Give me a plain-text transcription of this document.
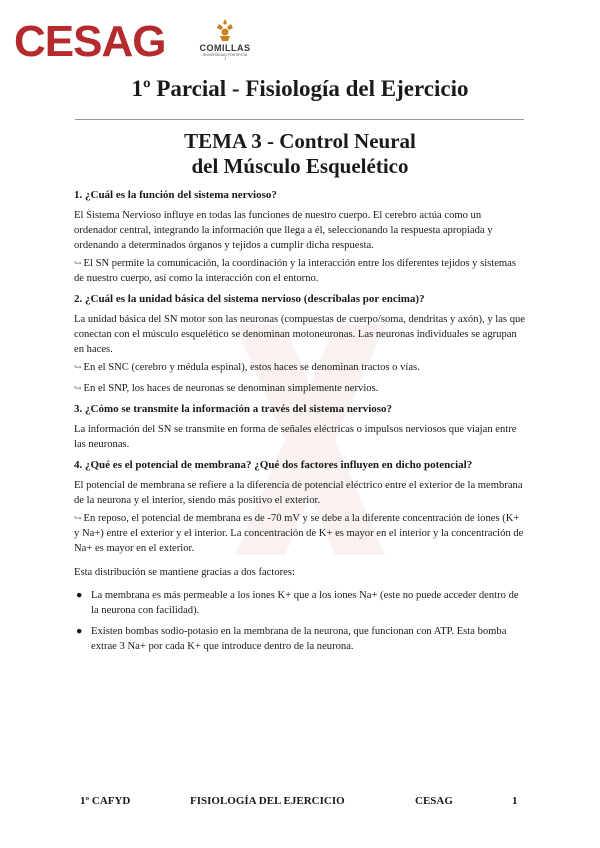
CESAG	COMILLAS
UNIVERSIDAD PONTIFICIA
J
1º Parcial - Fisiología del Ejercicio
TEMA 3 - Control Neural
del Músculo Esquelético

1. ¿Cuál es la función del sistema nervioso?

El Sistema Nervioso influye en todas las funciones de nuestro cuerpo. El cerebro actúa como un ordenador central, integrando la información que llega a él, seleccionando la respuesta apropiada y ordenando a determinados órganos y tejidos a cumplir dicha respuesta.

↪ El SN permite la comunicación, la coordinación y la interacción entre los diferentes tejidos y sistemas de nuestro cuerpo, así como la interacción con el entorno.

2. ¿Cuál es la unidad básica del sistema nervioso (descríbalas por encima)?

La unidad básica del SN motor son las neuronas (compuestas de cuerpo/soma, dendritas y axón), y las que conectan con el músculo esquelético se denominan motoneuronas. Las neuronas individuales se agrupan en haces.

↪ En el SNC (cerebro y médula espinal), estos haces se denominan tractos o vías.

↪ En el SNP, los haces de neuronas se denominan simplemente nervios.

3. ¿Cómo se transmite la información a través del sistema nervioso?

La información del SN se transmite en forma de señales eléctricas o impulsos nerviosos que viajan entre las neuronas.

4. ¿Qué es el potencial de membrana? ¿Qué dos factores influyen en dicho potencial?

El potencial de membrana se refiere a la diferencia de potencial eléctrico entre el exterior de la membrana de la neurona y el interior, siendo más positivo el exterior.

↪ En reposo, el potencial de membrana es de -70 mV y se debe a la diferente concentración de iones (K+ y Na+) entre el exterior y el interior. La concentración de K+ es mayor en el interior y la concentración de Na+ es mayor en el exterior.

Esta distribución se mantiene gracias a dos factores:

● La membrana es más permeable a los iones K+ que a los iones Na+ (este no puede acceder dentro de la neurona con facilidad).
● Existen bombas sodio-potasio en la membrana de la neurona, que funcionan con ATP. Esta bomba extrae 3 Na+ por cada K+ que introduce dentro de la neurona.
1º CAFYD	FISIOLOGÍA DEL EJERCICIO	CESAG	1
